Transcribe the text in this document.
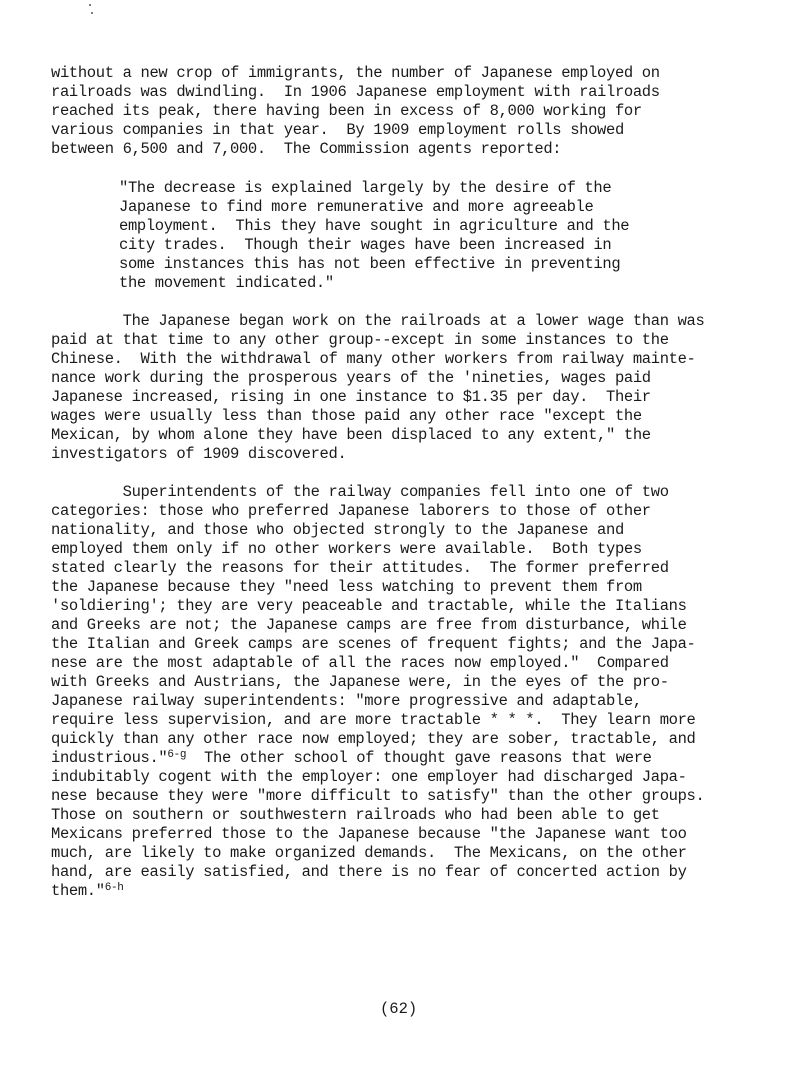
without a new crop of immigrants, the number of Japanese employed on
railroads was dwindling.  In 1906 Japanese employment with railroads
reached its peak, there having been in excess of 8,000 working for
various companies in that year.  By 1909 employment rolls showed
between 6,500 and 7,000.  The Commission agents reported:
"The decrease is explained largely by the desire of the
Japanese to find more remunerative and more agreeable
employment.  This they have sought in agriculture and the
city trades.  Though their wages have been increased in
some instances this has not been effective in preventing
the movement indicated."
The Japanese began work on the railroads at a lower wage than was
paid at that time to any other group--except in some instances to the
Chinese.  With the withdrawal of many other workers from railway mainte-
nance work during the prosperous years of the 'nineties, wages paid
Japanese increased, rising in one instance to $1.35 per day.  Their
wages were usually less than those paid any other race "except the
Mexican, by whom alone they have been displaced to any extent," the
investigators of 1909 discovered.
Superintendents of the railway companies fell into one of two
categories: those who preferred Japanese laborers to those of other
nationality, and those who objected strongly to the Japanese and
employed them only if no other workers were available.  Both types
stated clearly the reasons for their attitudes.  The former preferred
the Japanese because they "need less watching to prevent them from
'soldiering'; they are very peaceable and tractable, while the Italians
and Greeks are not; the Japanese camps are free from disturbance, while
the Italian and Greek camps are scenes of frequent fights; and the Japa-
nese are the most adaptable of all the races now employed."  Compared
with Greeks and Austrians, the Japanese were, in the eyes of the pro-
Japanese railway superintendents: "more progressive and adaptable,
require less supervision, and are more tractable * * *.  They learn more
quickly than any other race now employed; they are sober, tractable, and
industrious."$^{6-g}$  The other school of thought gave reasons that were
indubitably cogent with the employer: one employer had discharged Japa-
nese because they were "more difficult to satisfy" than the other groups.
Those on southern or southwestern railroads who had been able to get
Mexicans preferred those to the Japanese because "the Japanese want too
much, are likely to make organized demands.  The Mexicans, on the other
hand, are easily satisfied, and there is no fear of concerted action by
them."$^{6-h}$
(62)
